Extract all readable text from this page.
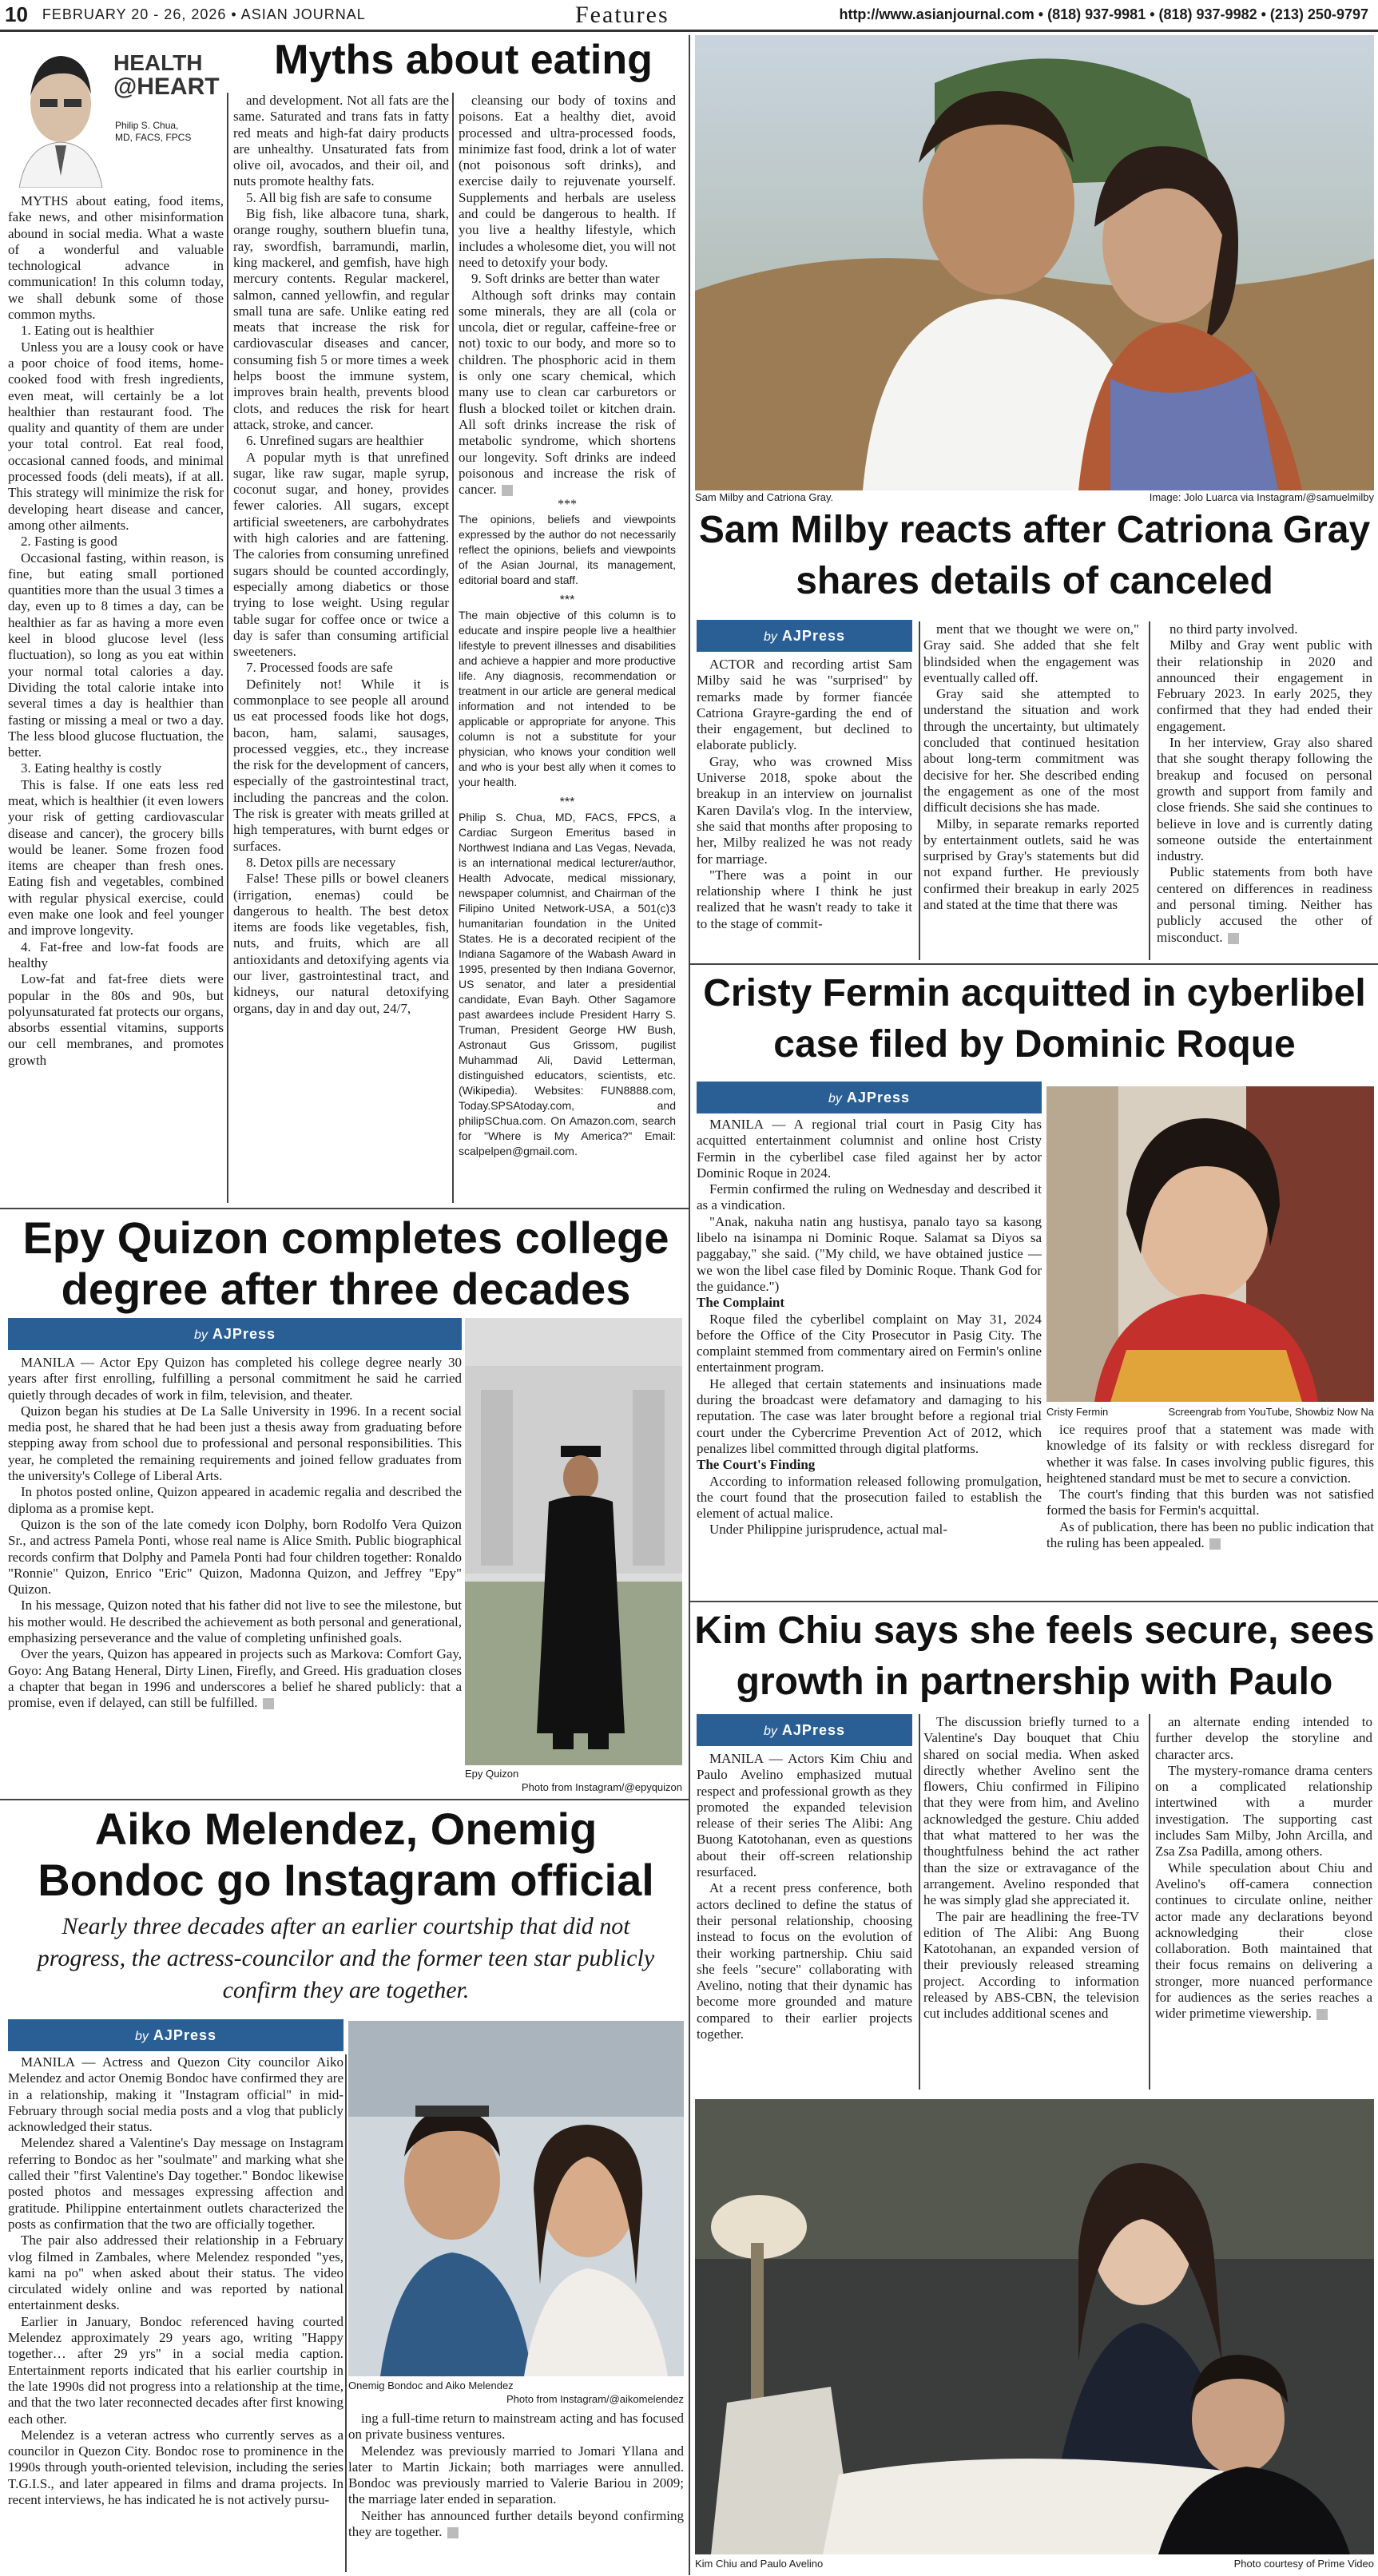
10 FEBRUARY 20 - 26, 2026 • ASIAN JOURNAL	Features	http://www.asianjournal.com • (818) 937-9981 • (818) 937-9982 • (213) 250-9797
HEALTH
@HEART
Philip S. Chua,
MD, FACS, FPCS
Myths about eating

MYTHS about eating, food items, fake news, and other misinformation abound in social media. What a waste of a wonderful and valuable technological advance in communication! In this column today, we shall debunk some of those common myths.

1. Eating out is healthier

Unless you are a lousy cook or have a poor choice of food items, home-cooked food with fresh ingredients, even meat, will certainly be a lot healthier than restaurant food. The quality and quantity of them are under your total control. Eat real food, occasional canned foods, and minimal processed foods (deli meats), if at all. This strategy will minimize the risk for developing heart disease and cancer, among other ailments.

2. Fasting is good

Occasional fasting, within reason, is fine, but eating small portioned quantities more than the usual 3 times a day, even up to 8 times a day, can be healthier as far as having a more even keel in blood glucose level (less fluctuation), so long as you eat within your normal total calories a day. Dividing the total calorie intake into several times a day is healthier than fasting or missing a meal or two a day. The less blood glucose fluctuation, the better.

3. Eating healthy is costly

This is false. If one eats less red meat, which is healthier (it even lowers your risk of getting cardiovascular disease and cancer), the grocery bills would be leaner. Some frozen food items are cheaper than fresh ones. Eating fish and vegetables, combined with regular physical exercise, could even make one look and feel younger and improve longevity.

4. Fat-free and low-fat foods are healthy

Low-fat and fat-free diets were popular in the 80s and 90s, but polyunsaturated fat protects our organs, absorbs essential vitamins, supports our cell membranes, and promotes growth

and development. Not all fats are the same. Saturated and trans fats in fatty red meats and high-fat dairy products are unhealthy. Unsaturated fats from olive oil, avocados, and their oil, and nuts promote healthy fats.

5. All big fish are safe to consume

Big fish, like albacore tuna, shark, orange roughy, southern bluefin tuna, ray, swordfish, barramundi, marlin, king mackerel, and gemfish, have high mercury contents. Regular mackerel, salmon, canned yellowfin, and regular small tuna are safe. Unlike eating red meats that increase the risk for cardiovascular diseases and cancer, consuming fish 5 or more times a week helps boost the immune system, improves brain health, prevents blood clots, and reduces the risk for heart attack, stroke, and cancer.

6. Unrefined sugars are healthier

A popular myth is that unrefined sugar, like raw sugar, maple syrup, coconut sugar, and honey, provides fewer calories. All sugars, except artificial sweeteners, are carbohydrates with high calories and are fattening. The calories from consuming unrefined sugars should be counted accordingly, especially among diabetics or those trying to lose weight. Using regular table sugar for coffee once or twice a day is safer than consuming artificial sweeteners.

7. Processed foods are safe

Definitely not! While it is commonplace to see people all around us eat processed foods like hot dogs, bacon, ham, salami, sausages, processed veggies, etc., they increase the risk for the development of cancers, especially of the gastrointestinal tract, including the pancreas and the colon. The risk is greater with meats grilled at high temperatures, with burnt edges or surfaces.

8. Detox pills are necessary

False! These pills or bowel cleaners (irrigation, enemas) could be dangerous to health. The best detox items are foods like vegetables, fish, nuts, and fruits, which are all antioxidants and detoxifying agents via our liver, gastrointestinal tract, and kidneys, our natural detoxifying organs, day in and day out, 24/7,

cleansing our body of toxins and poisons. Eat a healthy diet, avoid processed and ultra-processed foods, minimize fast food, drink a lot of water (not poisonous soft drinks), and exercise daily to rejuvenate yourself. Supplements and herbals are useless and could be dangerous to health. If you live a healthy lifestyle, which includes a wholesome diet, you will not need to detoxify your body.

9. Soft drinks are better than water

Although soft drinks may contain some minerals, they are all (cola or uncola, diet or regular, caffeine-free or not) toxic to our body, and more so to children. The phosphoric acid in them is only one scary chemical, which many use to clean car carburetors or flush a blocked toilet or kitchen drain. All soft drinks increase the risk of metabolic syndrome, which shortens our longevity. Soft drinks are indeed poisonous and increase the risk of cancer.

***

The opinions, beliefs and viewpoints expressed by the author do not necessarily reflect the opinions, beliefs and viewpoints of the Asian Journal, its management, editorial board and staff.

***

The main objective of this column is to educate and inspire people live a healthier lifestyle to prevent illnesses and disabilities and achieve a happier and more productive life. Any diagnosis, recommendation or treatment in our article are general medical information and not intended to be applicable or appropriate for anyone. This column is not a substitute for your physician, who knows your condition well and who is your best ally when it comes to your health.

***

Philip S. Chua, MD, FACS, FPCS, a Cardiac Surgeon Emeritus based in Northwest Indiana and Las Vegas, Nevada, is an international medical lecturer/author, Health Advocate, medical missionary, newspaper columnist, and Chairman of the Filipino United Network-USA, a 501(c)3 humanitarian foundation in the United States. He is a decorated recipient of the Indiana Sagamore of the Wabash Award in 1995, presented by then Indiana Governor, US senator, and later a presidential candidate, Evan Bayh. Other Sagamore past awardees include President Harry S. Truman, President George HW Bush, Astronaut Gus Grissom, pugilist Muhammad Ali, David Letterman, distinguished educators, scientists, etc. (Wikipedia). Websites: FUN8888.com, Today.SPSAtoday.com, and philipSChua.com. On Amazon.com, search for "Where is My America?" Email: scalpelpen@gmail.com.

Sam Milby and Catriona Gray.	Image: Jolo Luarca via Instagram/@samuelmilby
Sam Milby reacts after Catriona Gray shares details of canceled
by AJPress

ACTOR and recording artist Sam Milby said he was "surprised" by remarks made by former fiancée Catriona Grayre-garding the end of their engagement, but declined to elaborate publicly.

Gray, who was crowned Miss Universe 2018, spoke about the breakup in an interview on journalist Karen Davila's vlog. In the interview, she said that months after proposing to her, Milby realized he was not ready for marriage.

"There was a point in our relationship where I think he just realized that he wasn't ready to take it to the stage of commit-

ment that we thought we were on," Gray said. She added that she felt blindsided when the engagement was eventually called off.

Gray said she attempted to understand the situation and work through the uncertainty, but ultimately concluded that continued hesitation about long-term commitment was decisive for her. She described ending the engagement as one of the most difficult decisions she has made.

Milby, in separate remarks reported by entertainment outlets, said he was surprised by Gray's statements but did not expand further. He previously confirmed their breakup in early 2025 and stated at the time that there was

no third party involved.

Milby and Gray went public with their relationship in 2020 and announced their engagement in February 2023. In early 2025, they confirmed that they had ended their engagement.

In her interview, Gray also shared that she sought therapy following the breakup and focused on personal growth and support from family and close friends. She said she continues to believe in love and is currently dating someone outside the entertainment industry.

Public statements from both have centered on differences in readiness and personal timing. Neither has publicly accused the other of misconduct.

Cristy Fermin acquitted in cyberlibel case filed by Dominic Roque
by AJPress

MANILA — A regional trial court in Pasig City has acquitted entertainment columnist and online host Cristy Fermin in the cyberlibel case filed against her by actor Dominic Roque in 2024.

Fermin confirmed the ruling on Wednesday and described it as a vindication.

"Anak, nakuha natin ang hustisya, panalo tayo sa kasong libelo na isinampa ni Dominic Roque. Salamat sa Diyos sa paggabay," she said. ("My child, we have obtained justice — we won the libel case filed by Dominic Roque. Thank God for the guidance.")

The Complaint

Roque filed the cyberlibel complaint on May 31, 2024 before the Office of the City Prosecutor in Pasig City. The complaint stemmed from commentary aired on Fermin's online entertainment program.

He alleged that certain statements and insinuations made during the broadcast were defamatory and damaging to his reputation. The case was later brought before a regional trial court under the Cybercrime Prevention Act of 2012, which penalizes libel committed through digital platforms.

The Court's Finding

According to information released following promulgation, the court found that the prosecution failed to establish the element of actual malice.

Under Philippine jurisprudence, actual mal-

Cristy Fermin	Screengrab from YouTube, Showbiz Now Na

ice requires proof that a statement was made with knowledge of its falsity or with reckless disregard for whether it was false. In cases involving public figures, this heightened standard must be met to secure a conviction.

The court's finding that this burden was not satisfied formed the basis for Fermin's acquittal.

As of publication, there has been no public indication that the ruling has been appealed.

Epy Quizon completes college degree after three decades
by AJPress

MANILA — Actor Epy Quizon has completed his college degree nearly 30 years after first enrolling, fulfilling a personal commitment he said he carried quietly through decades of work in film, television, and theater.

Quizon began his studies at De La Salle University in 1996. In a recent social media post, he shared that he had been just a thesis away from graduating before stepping away from school due to professional and personal responsibilities. This year, he completed the remaining requirements and joined fellow graduates from the university's College of Liberal Arts.

In photos posted online, Quizon appeared in academic regalia and described the diploma as a promise kept.

Quizon is the son of the late comedy icon Dolphy, born Rodolfo Vera Quizon Sr., and actress Pamela Ponti, whose real name is Alice Smith. Public biographical records confirm that Dolphy and Pamela Ponti had four children together: Ronaldo "Ronnie" Quizon, Enrico "Eric" Quizon, Madonna Quizon, and Jeffrey "Epy" Quizon.

In his message, Quizon noted that his father did not live to see the milestone, but his mother would. He described the achievement as both personal and generational, emphasizing perseverance and the value of completing unfinished goals.

Over the years, Quizon has appeared in projects such as Markova: Comfort Gay, Goyo: Ang Batang Heneral, Dirty Linen, Firefly, and Greed. His graduation closes a chapter that began in 1996 and underscores a belief he shared publicly: that a promise, even if delayed, can still be fulfilled.

Epy Quizon
Photo from Instagram/@epyquizon
Aiko Melendez, Onemig Bondoc go Instagram official
Nearly three decades after an earlier courtship that did not progress, the actress-councilor and the former teen star publicly confirm they are together.
by AJPress

MANILA — Actress and Quezon City councilor Aiko Melendez and actor Onemig Bondoc have confirmed they are in a relationship, making it "Instagram official" in mid-February through social media posts and a vlog that publicly acknowledged their status.

Melendez shared a Valentine's Day message on Instagram referring to Bondoc as her "soulmate" and marking what she called their "first Valentine's Day together." Bondoc likewise posted photos and messages expressing affection and gratitude. Philippine entertainment outlets characterized the posts as confirmation that the two are officially together.

The pair also addressed their relationship in a February vlog filmed in Zambales, where Melendez responded "yes, kami na po" when asked about their status. The video circulated widely online and was reported by national entertainment desks.

Earlier in January, Bondoc referenced having courted Melendez approximately 29 years ago, writing "Happy together… after 29 yrs" in a social media caption. Entertainment reports indicated that his earlier courtship in the late 1990s did not progress into a relationship at the time, and that the two later reconnected decades after first knowing each other.

Melendez is a veteran actress who currently serves as a councilor in Quezon City. Bondoc rose to prominence in the 1990s through youth-oriented television, including the series T.G.I.S., and later appeared in films and drama projects. In recent interviews, he has indicated he is not actively pursu-

Onemig Bondoc and Aiko Melendez
Photo from Instagram/@aikomelendez

ing a full-time return to mainstream acting and has focused on private business ventures.

Melendez was previously married to Jomari Yllana and later to Martin Jickain; both marriages were annulled. Bondoc was previously married to Valerie Bariou in 2009; the marriage later ended in separation.

Neither has announced further details beyond confirming they are together.

Kim Chiu says she feels secure, sees growth in partnership with Paulo
by AJPress

MANILA — Actors Kim Chiu and Paulo Avelino emphasized mutual respect and professional growth as they promoted the expanded television release of their series The Alibi: Ang Buong Katotohanan, even as questions about their off-screen relationship resurfaced.

At a recent press conference, both actors declined to define the status of their personal relationship, choosing instead to focus on the evolution of their working partnership. Chiu said she feels "secure" collaborating with Avelino, noting that their dynamic has become more grounded and mature compared to their earlier projects together.

The discussion briefly turned to a Valentine's Day bouquet that Chiu shared on social media. When asked directly whether Avelino sent the flowers, Chiu confirmed in Filipino that they were from him, and Avelino acknowledged the gesture. Chiu added that what mattered to her was the thoughtfulness behind the act rather than the size or extravagance of the arrangement. Avelino responded that he was simply glad she appreciated it.

The pair are headlining the free-TV edition of The Alibi: Ang Buong Katotohanan, an expanded version of their previously released streaming project. According to information released by ABS-CBN, the television cut includes additional scenes and

an alternate ending intended to further develop the storyline and character arcs.

The mystery-romance drama centers on a complicated relationship intertwined with a murder investigation. The supporting cast includes Sam Milby, John Arcilla, and Zsa Zsa Padilla, among others.

While speculation about Chiu and Avelino's off-camera connection continues to circulate online, neither actor made any declarations beyond acknowledging their close collaboration. Both maintained that their focus remains on delivering a stronger, more nuanced performance for audiences as the series reaches a wider primetime viewership.

Kim Chiu and Paulo Avelino	Photo courtesy of Prime Video
